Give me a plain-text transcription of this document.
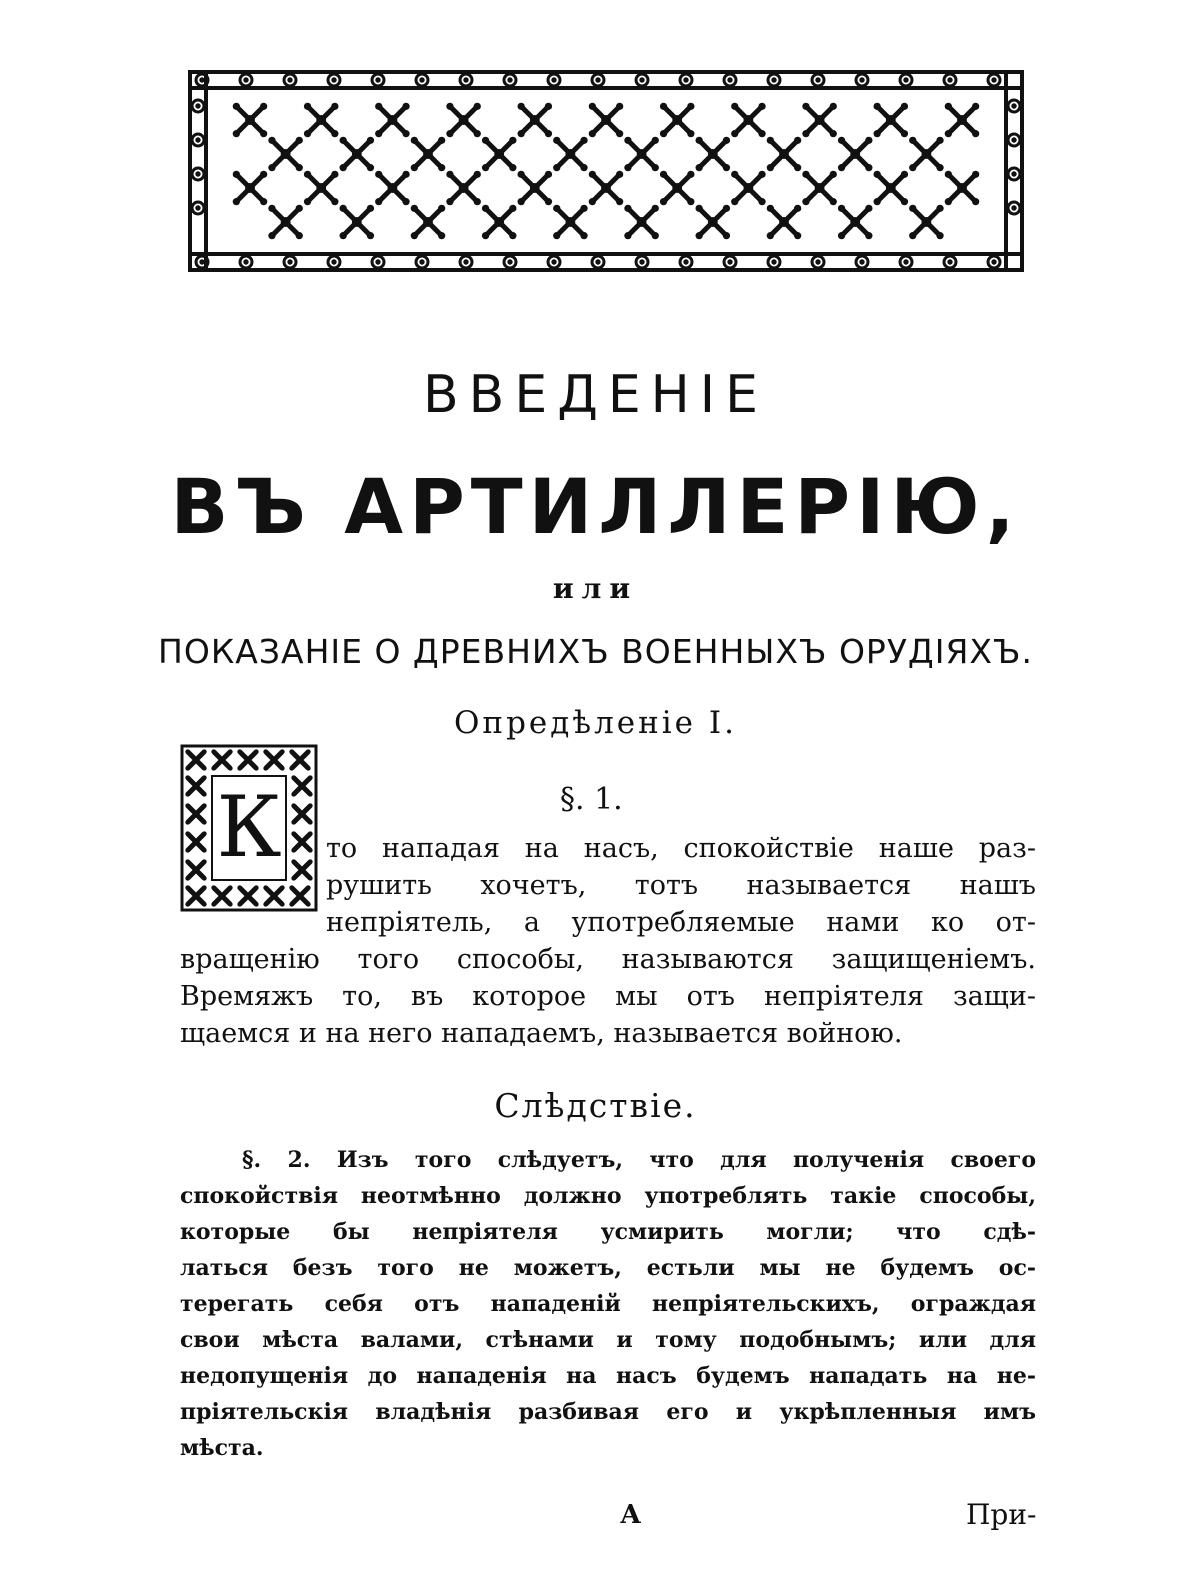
ВВЕДЕНІЕ
ВЪ АРТИЛЛЕРІЮ,
или
ПОКАЗАНІЕ О ДРЕВНИХЪ ВОЕННЫХЪ ОРУДІЯХЪ.
Опредѣленіе I.
К	§. 1.
то нападая на насъ, спокойствіе наше раз-
рушить хочетъ, тотъ называется нашъ
непріятель, а употребляемые нами ко от-
вращенію того способы, называются защищеніемъ.
Времяжъ то, въ которое мы отъ непріятеля защи-
щаемся и на него нападаемъ, называется войною.
Слѣдствіе.
§. 2. Изъ того слѣдуетъ, что для полученія своего
спокойствія неотмѣнно должно употреблять такіе способы,
которые бы непріятеля усмирить могли; что сдѣ-
латься безъ того не можетъ, естьли мы не будемъ ос-
терегать себя отъ нападеній непріятельскихъ, ограждая
свои мѣста валами, стѣнами и тому подобнымъ; или для
недопущенія до нападенія на насъ будемъ нападать на не-
пріятельскія владѣнія разбивая его и укрѣпленныя имъ
мѣста.
А	При-
